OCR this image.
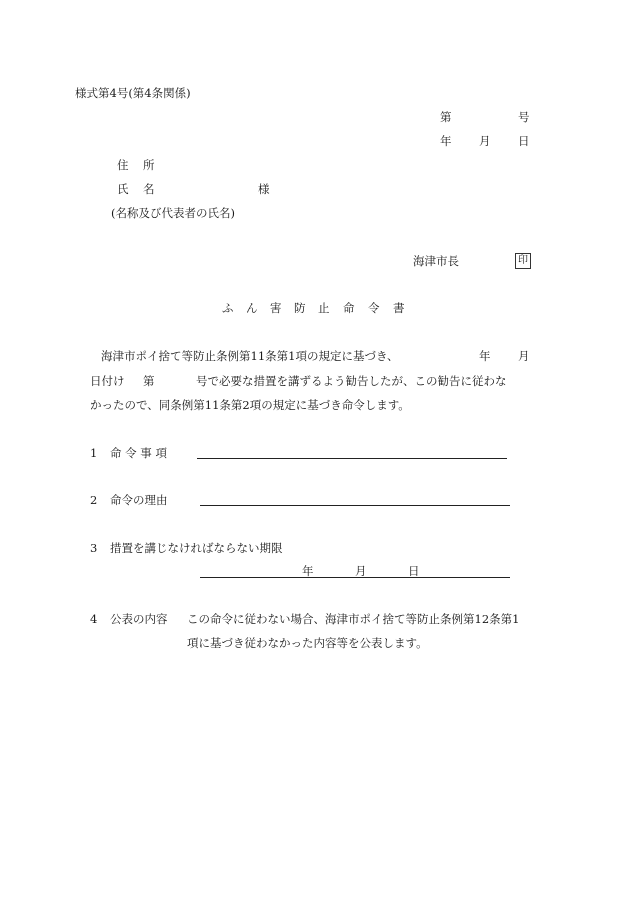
様式第4号(第4条関係)
第	号
年 月 日
住 所
氏 名	様
(名称及び代表者の氏名)
海津市長	印
ふ ん 害 防 止 命 令 書
海津市ポイ捨て等防止条例第11条第1項の規定に基づき、	年 月
日付け 第	号で必要な措置を講ずるよう勧告したが、この勧告に従わな
かったので、同条例第11条第2項の規定に基づき命令します。
1 命 令 事 項
2 命令の理由
3 措置を講じなければならない期限
年	月	日
4 公表の内容 この命令に従わない場合、海津市ポイ捨て等防止条例第12条第1
項に基づき従わなかった内容等を公表します。
